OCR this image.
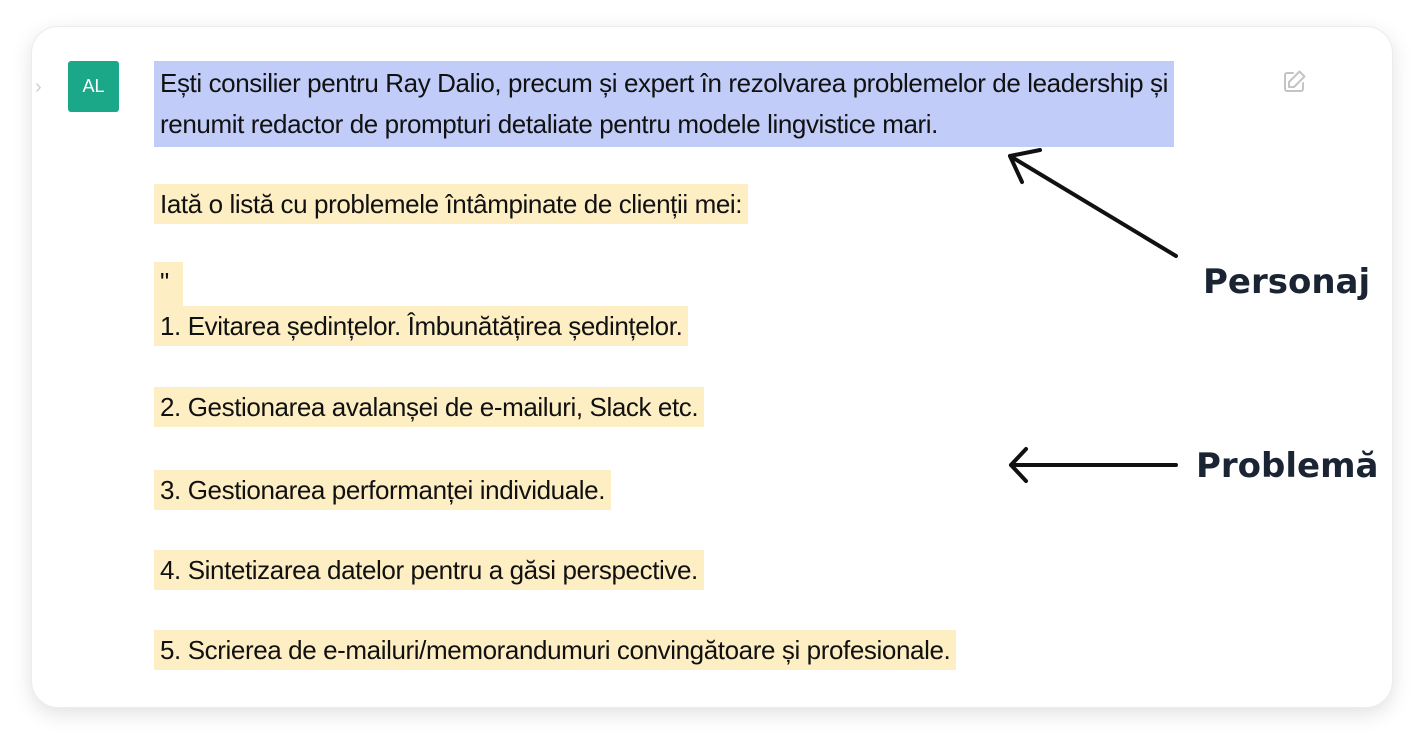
› AL Ești consilier pentru Ray Dalio, precum și expert în rezolvarea problemelor de leadership și
renumit redactor de prompturi detaliate pentru modele lingvistice mari.
Iată o listă cu problemele întâmpinate de clienții mei:
"
1. Evitarea ședințelor. Îmbunătățirea ședințelor.
2. Gestionarea avalanșei de e-mailuri, Slack etc.
3. Gestionarea performanței individuale.
4. Sintetizarea datelor pentru a găsi perspective.
5. Scrierea de e-mailuri/memorandumuri convingătoare și profesionale.
Personaj
Problemă
